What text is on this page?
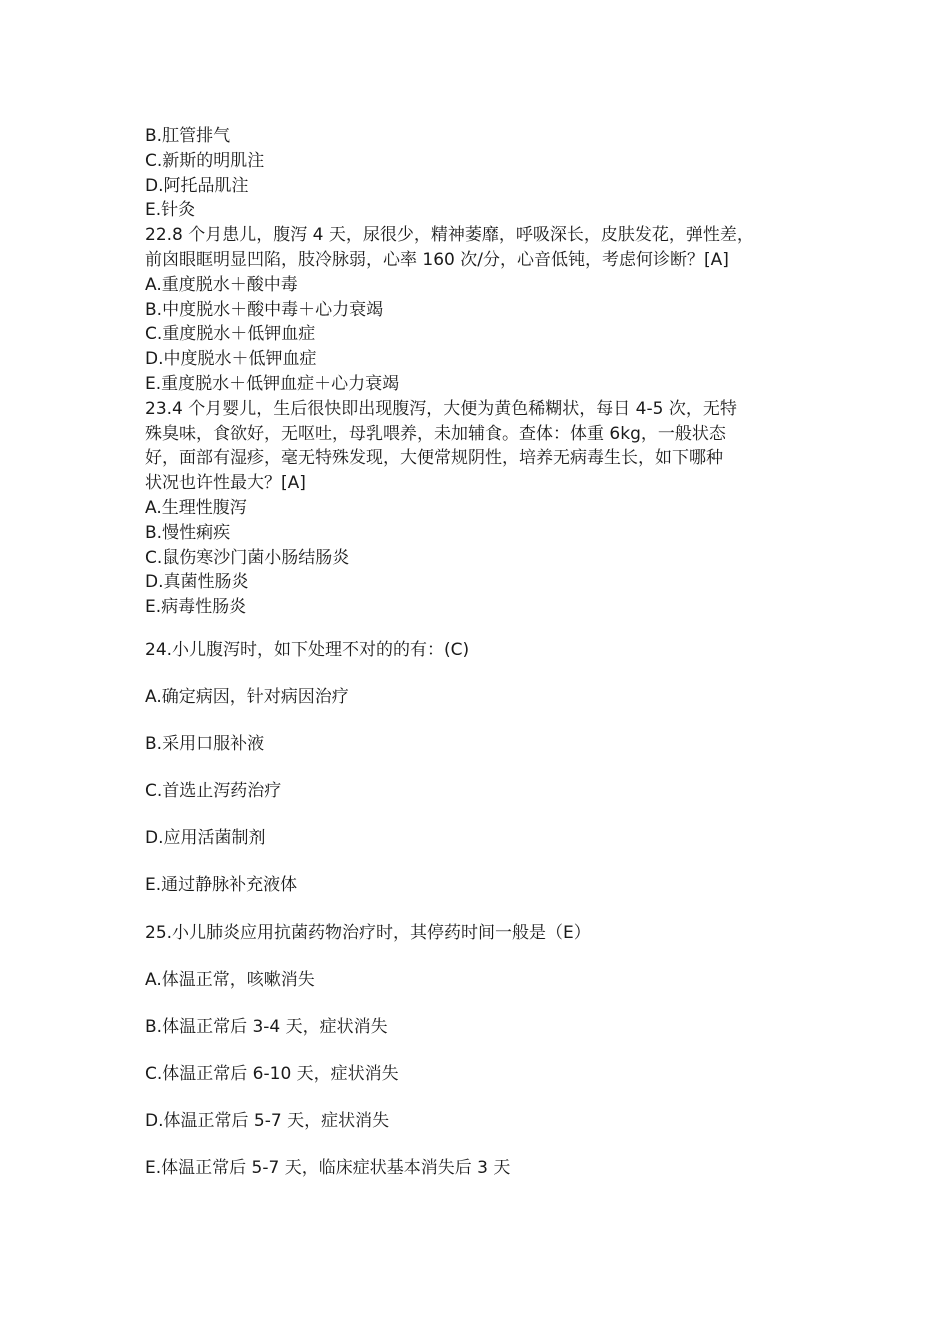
B.肛管排气

C.新斯的明肌注

D.阿托品肌注

E.针灸

22.8 个月患儿，腹泻 4 天，尿很少，精神萎靡，呼吸深长，皮肤发花，弹性差，

前囟眼眶明显凹陷，肢冷脉弱，心率 160 次/分，心音低钝，考虑何诊断？[A]

A.重度脱水＋酸中毒

B.中度脱水＋酸中毒＋心力衰竭

C.重度脱水＋低钾血症

D.中度脱水＋低钾血症

E.重度脱水＋低钾血症＋心力衰竭

23.4 个月婴儿，生后很快即出现腹泻，大便为黄色稀糊状，每日 4-5 次，无特

殊臭味，食欲好，无呕吐，母乳喂养，未加辅食。查体：体重 6kg，一般状态

好，面部有湿疹，毫无特殊发现，大便常规阴性，培养无病毒生长，如下哪种

状况也许性最大？[A]

A.生理性腹泻

B.慢性痢疾

C.鼠伤寒沙门菌小肠结肠炎

D.真菌性肠炎

E.病毒性肠炎

24.小儿腹泻时，如下处理不对的的有：(C)

A.确定病因，针对病因治疗

B.采用口服补液

C.首选止泻药治疗

D.应用活菌制剂

E.通过静脉补充液体

25.小儿肺炎应用抗菌药物治疗时，其停药时间一般是（E）

A.体温正常，咳嗽消失

B.体温正常后 3-4 天，症状消失

C.体温正常后 6-10 天，症状消失

D.体温正常后 5-7 天，症状消失

E.体温正常后 5-7 天，临床症状基本消失后 3 天
